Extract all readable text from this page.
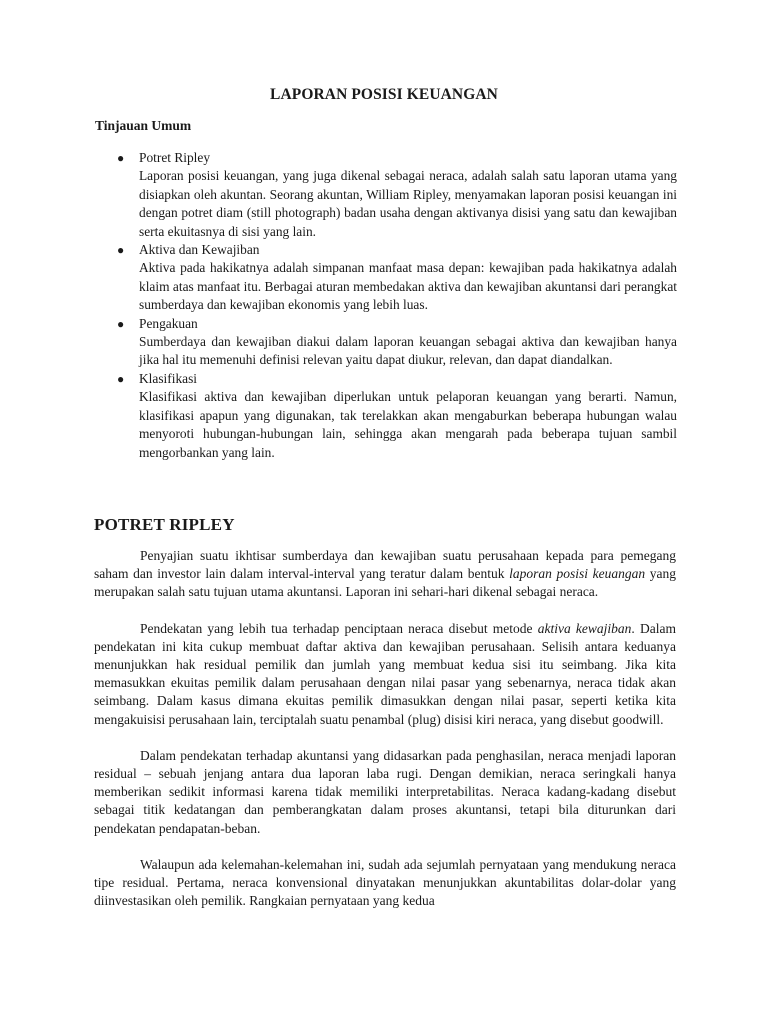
LAPORAN POSISI KEUANGAN
Tinjauan Umum
●	Potret Ripley
Laporan posisi keuangan, yang juga dikenal sebagai neraca, adalah salah satu laporan utama yang disiapkan oleh akuntan. Seorang akuntan, William Ripley, menyamakan laporan posisi keuangan ini dengan potret diam (still photograph) badan usaha dengan aktivanya disisi yang satu dan kewajiban serta ekuitasnya di sisi yang lain.
●	Aktiva dan Kewajiban
Aktiva pada hakikatnya adalah simpanan manfaat masa depan: kewajiban pada hakikatnya adalah klaim atas manfaat itu. Berbagai aturan membedakan aktiva dan kewajiban akuntansi dari perangkat sumberdaya dan kewajiban ekonomis yang lebih luas.
●	Pengakuan
Sumberdaya dan kewajiban diakui dalam laporan keuangan sebagai aktiva dan kewajiban hanya jika hal itu memenuhi definisi relevan yaitu dapat diukur, relevan, dan dapat diandalkan.
●	Klasifikasi
Klasifikasi aktiva dan kewajiban diperlukan untuk pelaporan keuangan yang berarti. Namun, klasifikasi apapun yang digunakan, tak terelakkan akan mengaburkan beberapa hubungan walau menyoroti hubungan-hubungan lain, sehingga akan mengarah pada beberapa tujuan sambil mengorbankan yang lain.
POTRET RIPLEY

Penyajian suatu ikhtisar sumberdaya dan kewajiban suatu perusahaan kepada para pemegang saham dan investor lain dalam interval-interval yang teratur dalam bentuk laporan posisi keuangan yang merupakan salah satu tujuan utama akuntansi. Laporan ini sehari-hari dikenal sebagai neraca.

Pendekatan yang lebih tua terhadap penciptaan neraca disebut metode aktiva kewajiban. Dalam pendekatan ini kita cukup membuat daftar aktiva dan kewajiban perusahaan. Selisih antara keduanya menunjukkan hak residual pemilik dan jumlah yang membuat kedua sisi itu seimbang. Jika kita memasukkan ekuitas pemilik dalam perusahaan dengan nilai pasar yang sebenarnya, neraca tidak akan seimbang. Dalam kasus dimana ekuitas pemilik dimasukkan dengan nilai pasar, seperti ketika kita mengakuisisi perusahaan lain, terciptalah suatu penambal (plug) disisi kiri neraca, yang disebut goodwill.

Dalam pendekatan terhadap akuntansi yang didasarkan pada penghasilan, neraca menjadi laporan residual – sebuah jenjang antara dua laporan laba rugi. Dengan demikian, neraca seringkali hanya memberikan sedikit informasi karena tidak memiliki interpretabilitas. Neraca kadang-kadang disebut sebagai titik kedatangan dan pemberangkatan dalam proses akuntansi, tetapi bila diturunkan dari pendekatan pendapatan-beban.

Walaupun ada kelemahan-kelemahan ini, sudah ada sejumlah pernyataan yang mendukung neraca tipe residual. Pertama, neraca konvensional dinyatakan menunjukkan akuntabilitas dolar-dolar yang diinvestasikan oleh pemilik. Rangkaian pernyataan yang kedua
